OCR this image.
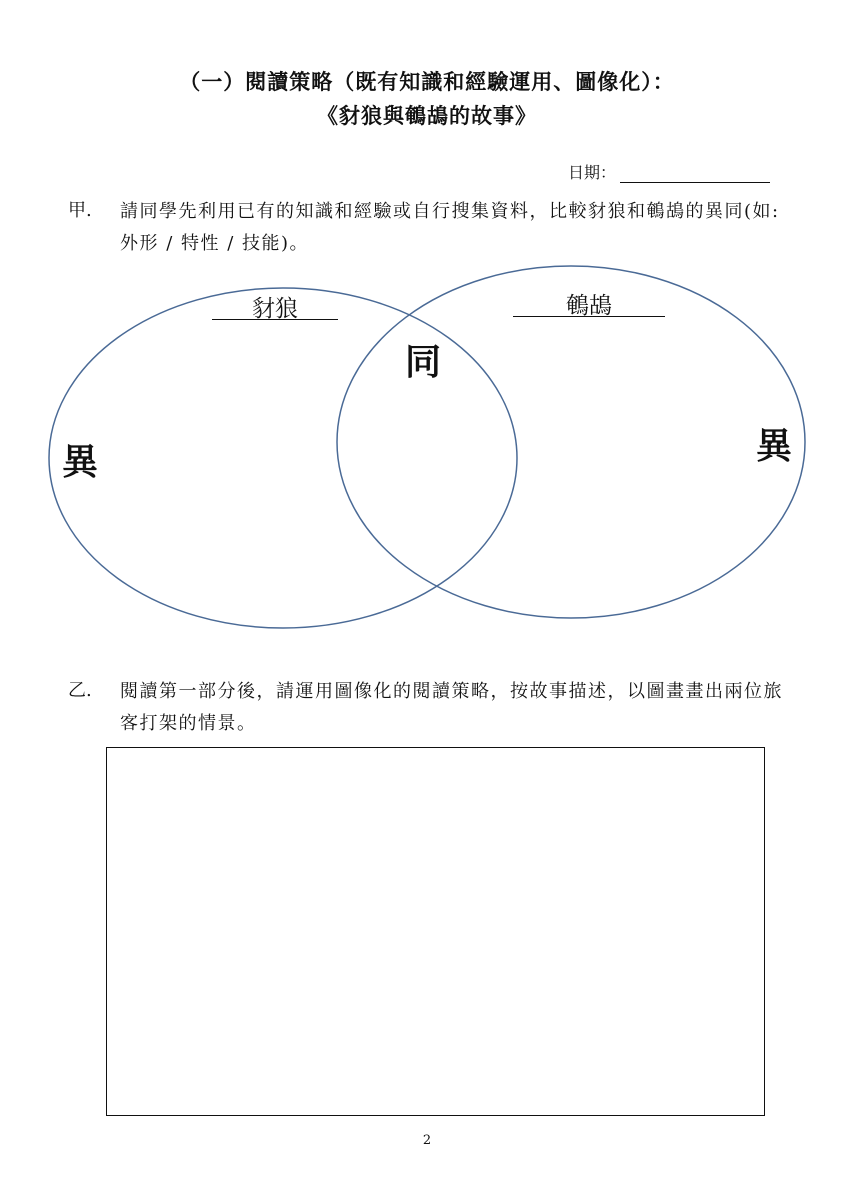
（一）閱讀策略（既有知識和經驗運用、圖像化）：
《豺狼與鵪鴣的故事》
日期：
甲. 請同學先利用已有的知識和經驗或自行搜集資料，比較豺狼和鵪鴣的異同(如:外形 / 特性 / 技能)。
豺狼	鵪鴣
同
異	異
乙. 閱讀第一部分後，請運用圖像化的閱讀策略，按故事描述，以圖畫畫出兩位旅客打架的情景。
2
